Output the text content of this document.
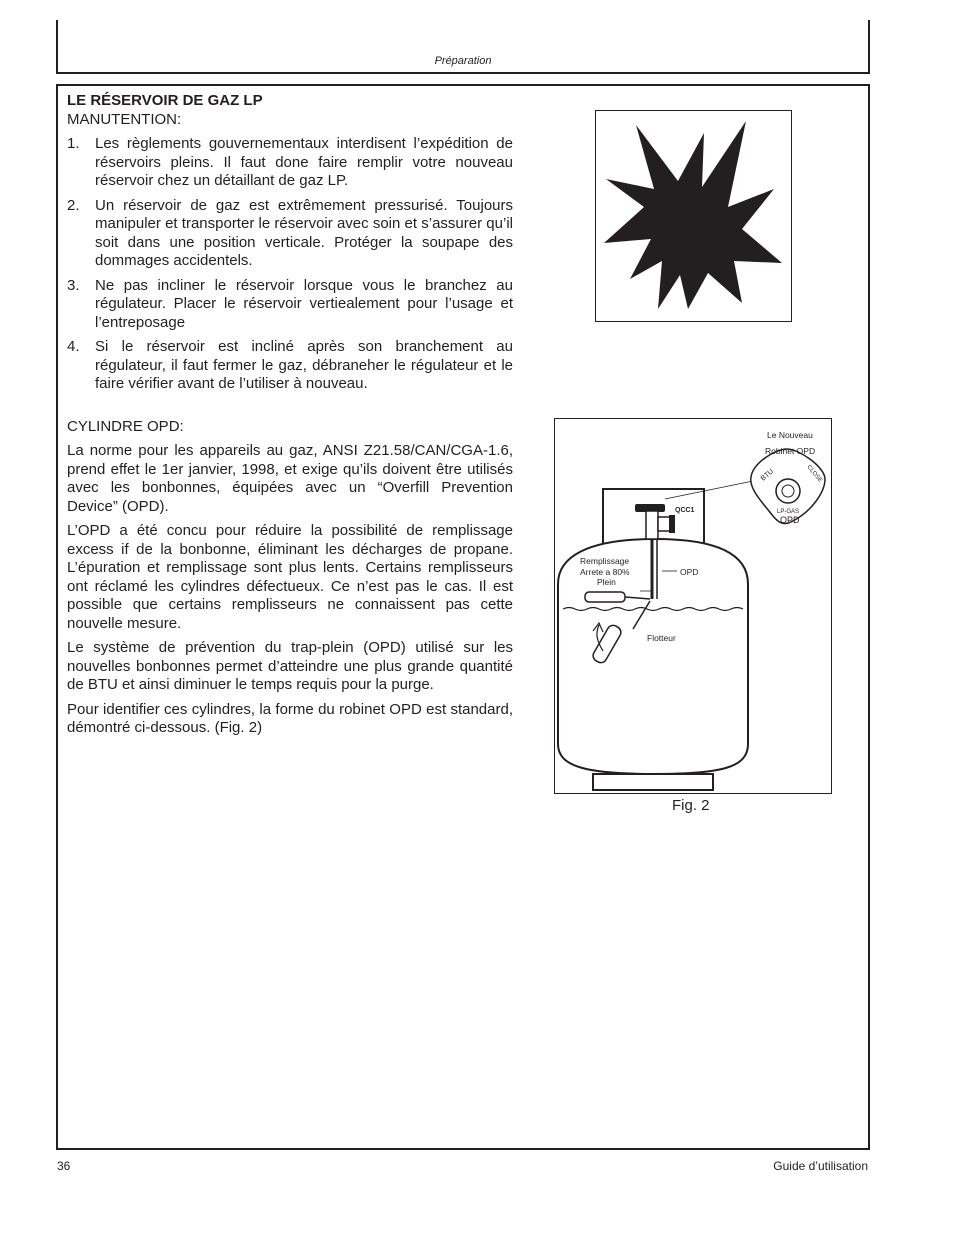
Préparation

LE RÉSERVOIR DE GAZ LP

MANUTENTION:

1. Les règlements gouvernementaux interdisent l’expédition de réservoirs pleins. Il faut done faire remplir votre nouveau réservoir chez un détaillant de gaz LP.
2. Un réservoir de gaz est extrêmement pressurisé. Toujours manipuler et transporter le réservoir avec soin et s’assurer qu’il soit dans une position verticale. Protéger la soupape des dommages accidentels.
3. Ne pas incliner le réservoir lorsque vous le branchez au régulateur. Placer le réservoir vertiealement pour l’usage et l’entreposage
4. Si le réservoir est incliné après son branchement au régulateur, il faut fermer le gaz, débraneher le régulateur et le faire vérifier avant de l’utiliser à nouveau.

CYLINDRE OPD:

La norme pour les appareils au gaz, ANSI Z21.58/CAN/CGA-1.6, prend effet le 1er janvier, 1998, et exige qu’ils doivent être utilisés avec les bonbonnes, équipées avec un “Overfill Prevention Device” (OPD).

L’OPD a été concu pour réduire la possibilité de remplissage excess if de la bonbonne, éliminant les décharges de propane. L’épuration et remplissage sont plus lents. Certains remplisseurs ont réclamé les cylindres défectueux. Ce n’est pas le cas. Il est possible que certains remplisseurs ne connaissent pas cette nouvelle mesure.

Le système de prévention du trap-plein (OPD) utilisé sur les nouvelles bonbonnes permet d’atteindre une plus grande quantité de BTU et ainsi diminuer le temps requis pour la purge.

Pour identifier ces cylindres, la forme du robinet OPD est standard, démontré ci-dessous. (Fig. 2)

BTU	CLOSE
LP-GAS
OPD
Le Nouveau
Robinet OPD
QCC1
Remplissage
Arrete a 80%
Plein
OPD
Flotteur
Fig. 2
36	Guide d’utilisation
